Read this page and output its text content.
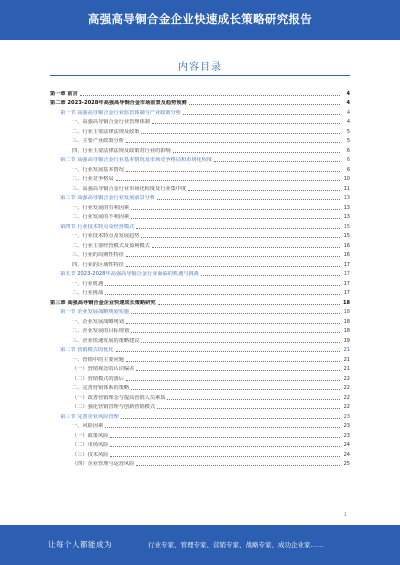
高强高导铜合金企业快速成长策略研究报告
内容目录
第一章 前言	4
第二章 2023-2028年高强高导铜合金市场前景及趋势预测	4
第一节 高强高导铜合金行业监管体制与产业政策分析	4
一、高强高导铜合金行业管理体制	4
二、行业主要法律法规及政策	5
三、主要产业政策分析	5
四、行业主要法律法规及政策对行业的影响	6
第二节 高强高导铜合金行业基本情况及市场竞争格局和市场化程度	6
一、行业发展基本情况	6
二、行业竞争格局	10
三、高强高导铜合金行业市场化程度及行业集中度	11
第三节 高强高导铜合金行业发展前景分析	13
一、行业发展的有利因素	13
二、行业发展的不利因素	13
第四节 行业技术特点及经营模式	15
一、行业技术特点及发展趋势	15
二、行业主要经营模式及盈利模式	16
三、行业的周期性特征	16
四、行业的区域性特征	17
第五节 2023-2028年高强高导铜合金行业面临的机遇与挑战	17
一、行业机遇	17
二、行业挑战	17
第三章 高强高导铜合金企业快速成长策略研究	18
第一节 企业发展战略规划实施	18
一、企业发展战略规划	18
二、企业发展的目标规划	18
三、企业快速发展的策略建议	19
第二节 营销模式的优化	21
一、营销中的主要问题	21
（一）营销观念的认识偏差	21
（二）营销模式的落后	22
二、完善营销体系的策略	22
（一）改善营销理念与提高营销人员素质	22
（二）强化营销管理与创新营销模式	22
第三节 完善企业风险管理	23
一、风险因素	23
（一）政策风险	23
（二）市场风险	24
（三）技术风险	24
（四）企业管理与运营风险	25
1
让每个人都能成为	行业专家、管理专家、营销专家、战略专家、成功企业家……
